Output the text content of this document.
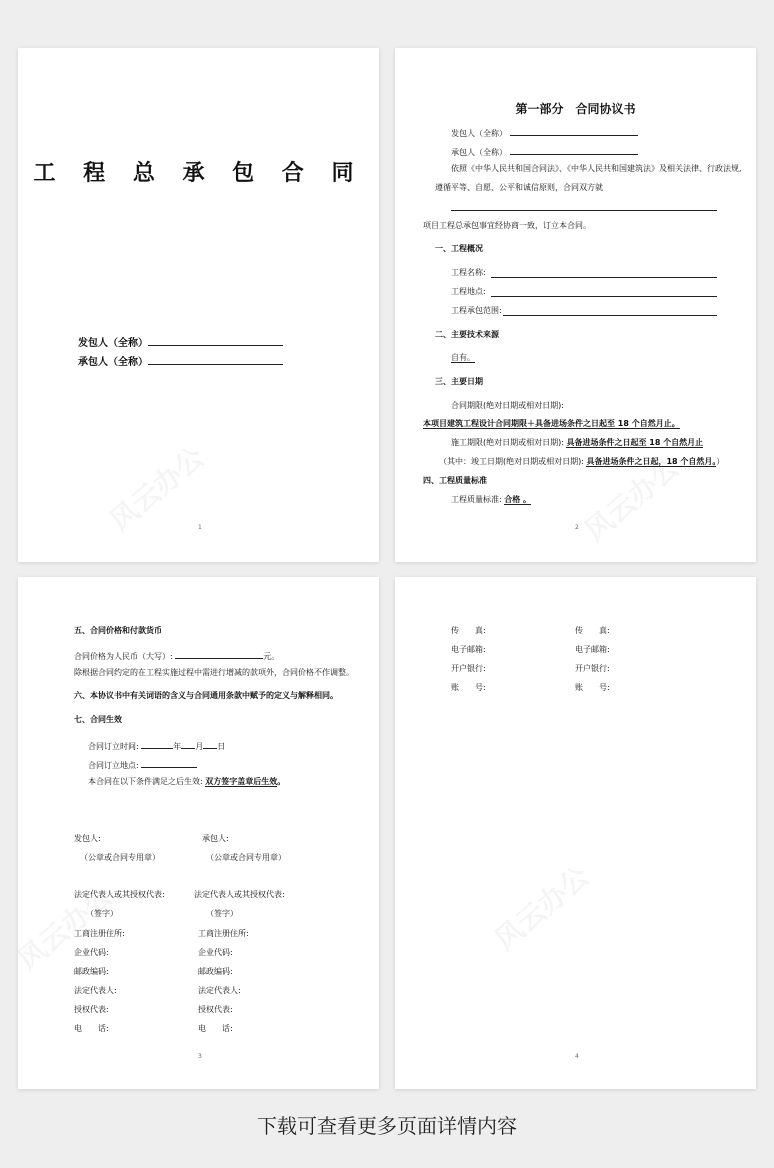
工 程 总 承 包 合 同
发包人（全称）
承包人（全称）
1
第一部分　合同协议书
发包人（全称）
承包人（全称）
依照《中华人民共和国合同法》、《中华人民共和国建筑法》及相关法律、行政法规,
遵循平等、自愿、公平和诚信原则，合同双方就
项目工程总承包事宜经协商一致，订立本合同。
一、工程概况
工程名称:
工程地点:
工程承包范围:
二、主要技术来源
自有。
三、主要日期
合同期限(绝对日期或相对日期):
本项目建筑工程设计合同期限＋具备进场条件之日起至 18 个自然月止。
施工期限(绝对日期或相对日期): 具备进场条件之日起至 18 个自然月止
（其中：竣工日期(绝对日期或相对日期): 具备进场条件之日起，18 个自然月。）
四、工程质量标准
工程质量标准: 合格 。
2
五、合同价格和付款货币
合同价格为人民币（大写）:	元。
除根据合同约定的在工程实施过程中需进行增减的款项外，合同价格不作调整。
六、本协议书中有关词语的含义与合同通用条款中赋予的定义与解释相同。
七、合同生效
合同订立时间:	年 月 日
合同订立地点:
本合同在以下条件满足之后生效: 双方签字盖章后生效。
发包人:
（公章或合同专用章）
法定代表人或其授权代表:
（签字）
工商注册住所:
企业代码:
邮政编码:
法定代表人:
授权代表:
电　　话:
承包人:
（公章或合同专用章）
法定代表人或其授权代表:
（签字）
工商注册住所:
企业代码:
邮政编码:
法定代表人:
授权代表:
电　　话:
3
传　　真:
电子邮箱:
开户银行:
账　　号:
传　　真:
电子邮箱:
开户银行:
账　　号:
4
下载可查看更多页面详情内容
